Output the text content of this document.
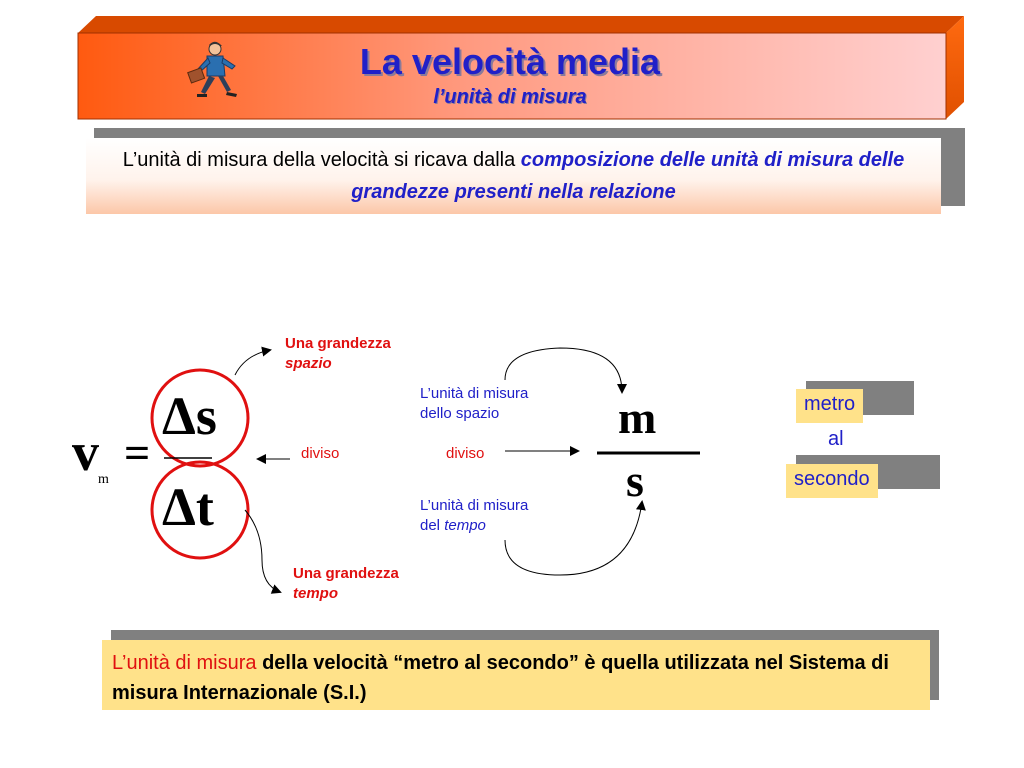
La velocità media
l’unità di misura
L’unità di misura della velocità si ricava dalla composizione delle unità di misura delle grandezze presenti nella relazione
v m
=
Δs
Δt
diviso	diviso
Una grandezza
spazio
Una grandezza
tempo
L’unità di misura
dello spazio
L’unità di misura
del tempo
m
s
metro
al
secondo
L’unità di misura della velocità “metro al secondo” è quella utilizzata nel Sistema di misura Internazionale (S.I.)
